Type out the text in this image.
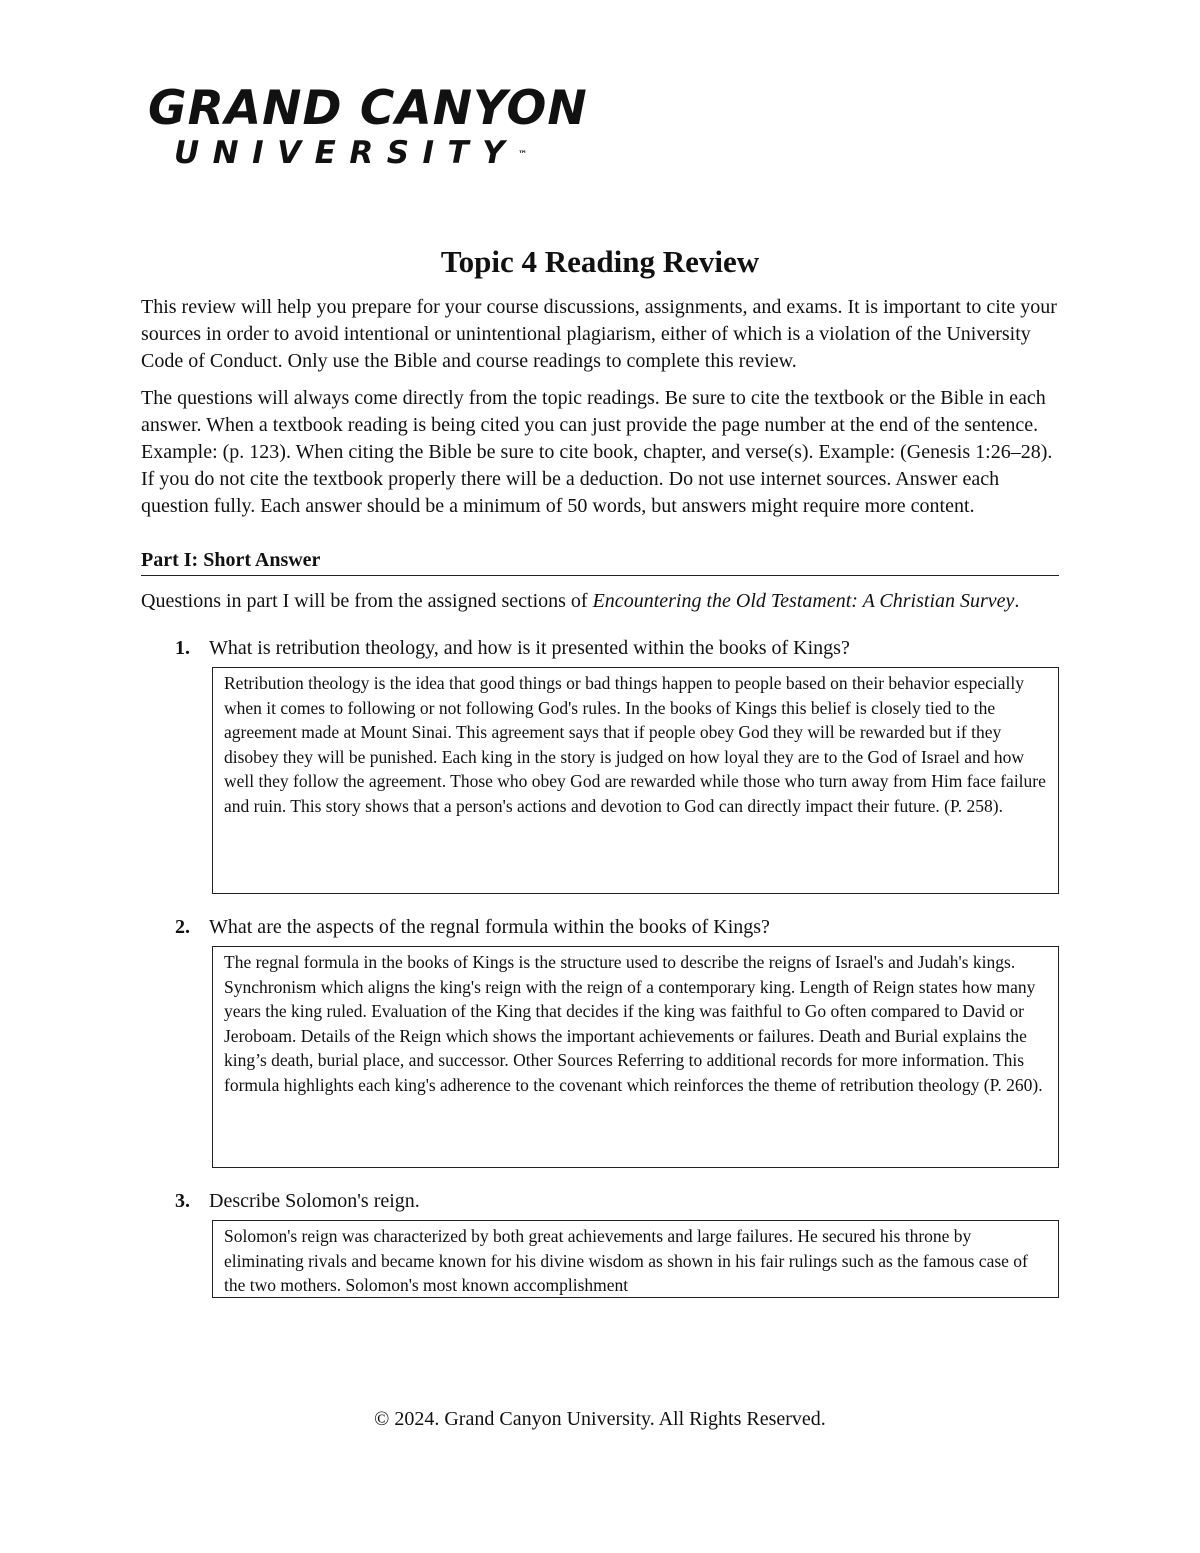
GRAND CANYON
UNIVERSITY™
Topic 4 Reading Review

This review will help you prepare for your course discussions, assignments, and exams. It is important to cite your sources in order to avoid intentional or unintentional plagiarism, either of which is a violation of the University Code of Conduct. Only use the Bible and course readings to complete this review.

The questions will always come directly from the topic readings. Be sure to cite the textbook or the Bible in each answer. When a textbook reading is being cited you can just provide the page number at the end of the sentence. Example: (p. 123). When citing the Bible be sure to cite book, chapter, and verse(s). Example: (Genesis 1:26–28). If you do not cite the textbook properly there will be a deduction. Do not use internet sources. Answer each question fully. Each answer should be a minimum of 50 words, but answers might require more content.

Part I: Short Answer
Questions in part I will be from the assigned sections of Encountering the Old Testament: A Christian Survey.
1. What is retribution theology, and how is it presented within the books of Kings?
Retribution theology is the idea that good things or bad things happen to people based on their behavior especially when it comes to following or not following God's rules. In the books of Kings this belief is closely tied to the agreement made at Mount Sinai. This agreement says that if people obey God they will be rewarded but if they disobey they will be punished. Each king in the story is judged on how loyal they are to the God of Israel and how well they follow the agreement. Those who obey God are rewarded while those who turn away from Him face failure and ruin. This story shows that a person's actions and devotion to God can directly impact their future. (P. 258).
2. What are the aspects of the regnal formula within the books of Kings?
The regnal formula in the books of Kings is the structure used to describe the reigns of Israel's and Judah's kings. Synchronism which aligns the king's reign with the reign of a contemporary king. Length of Reign states how many years the king ruled. Evaluation of the King that decides if the king was faithful to Go often compared to David or Jeroboam. Details of the Reign which shows the important achievements or failures. Death and Burial explains the king’s death, burial place, and successor. Other Sources Referring to additional records for more information. This formula highlights each king's adherence to the covenant which reinforces the theme of retribution theology (P. 260).
3. Describe Solomon's reign.
Solomon's reign was characterized by both great achievements and large failures. He secured his throne by eliminating rivals and became known for his divine wisdom as shown in his fair rulings such as the famous case of the two mothers. Solomon's most known accomplishment
© 2024. Grand Canyon University. All Rights Reserved.
